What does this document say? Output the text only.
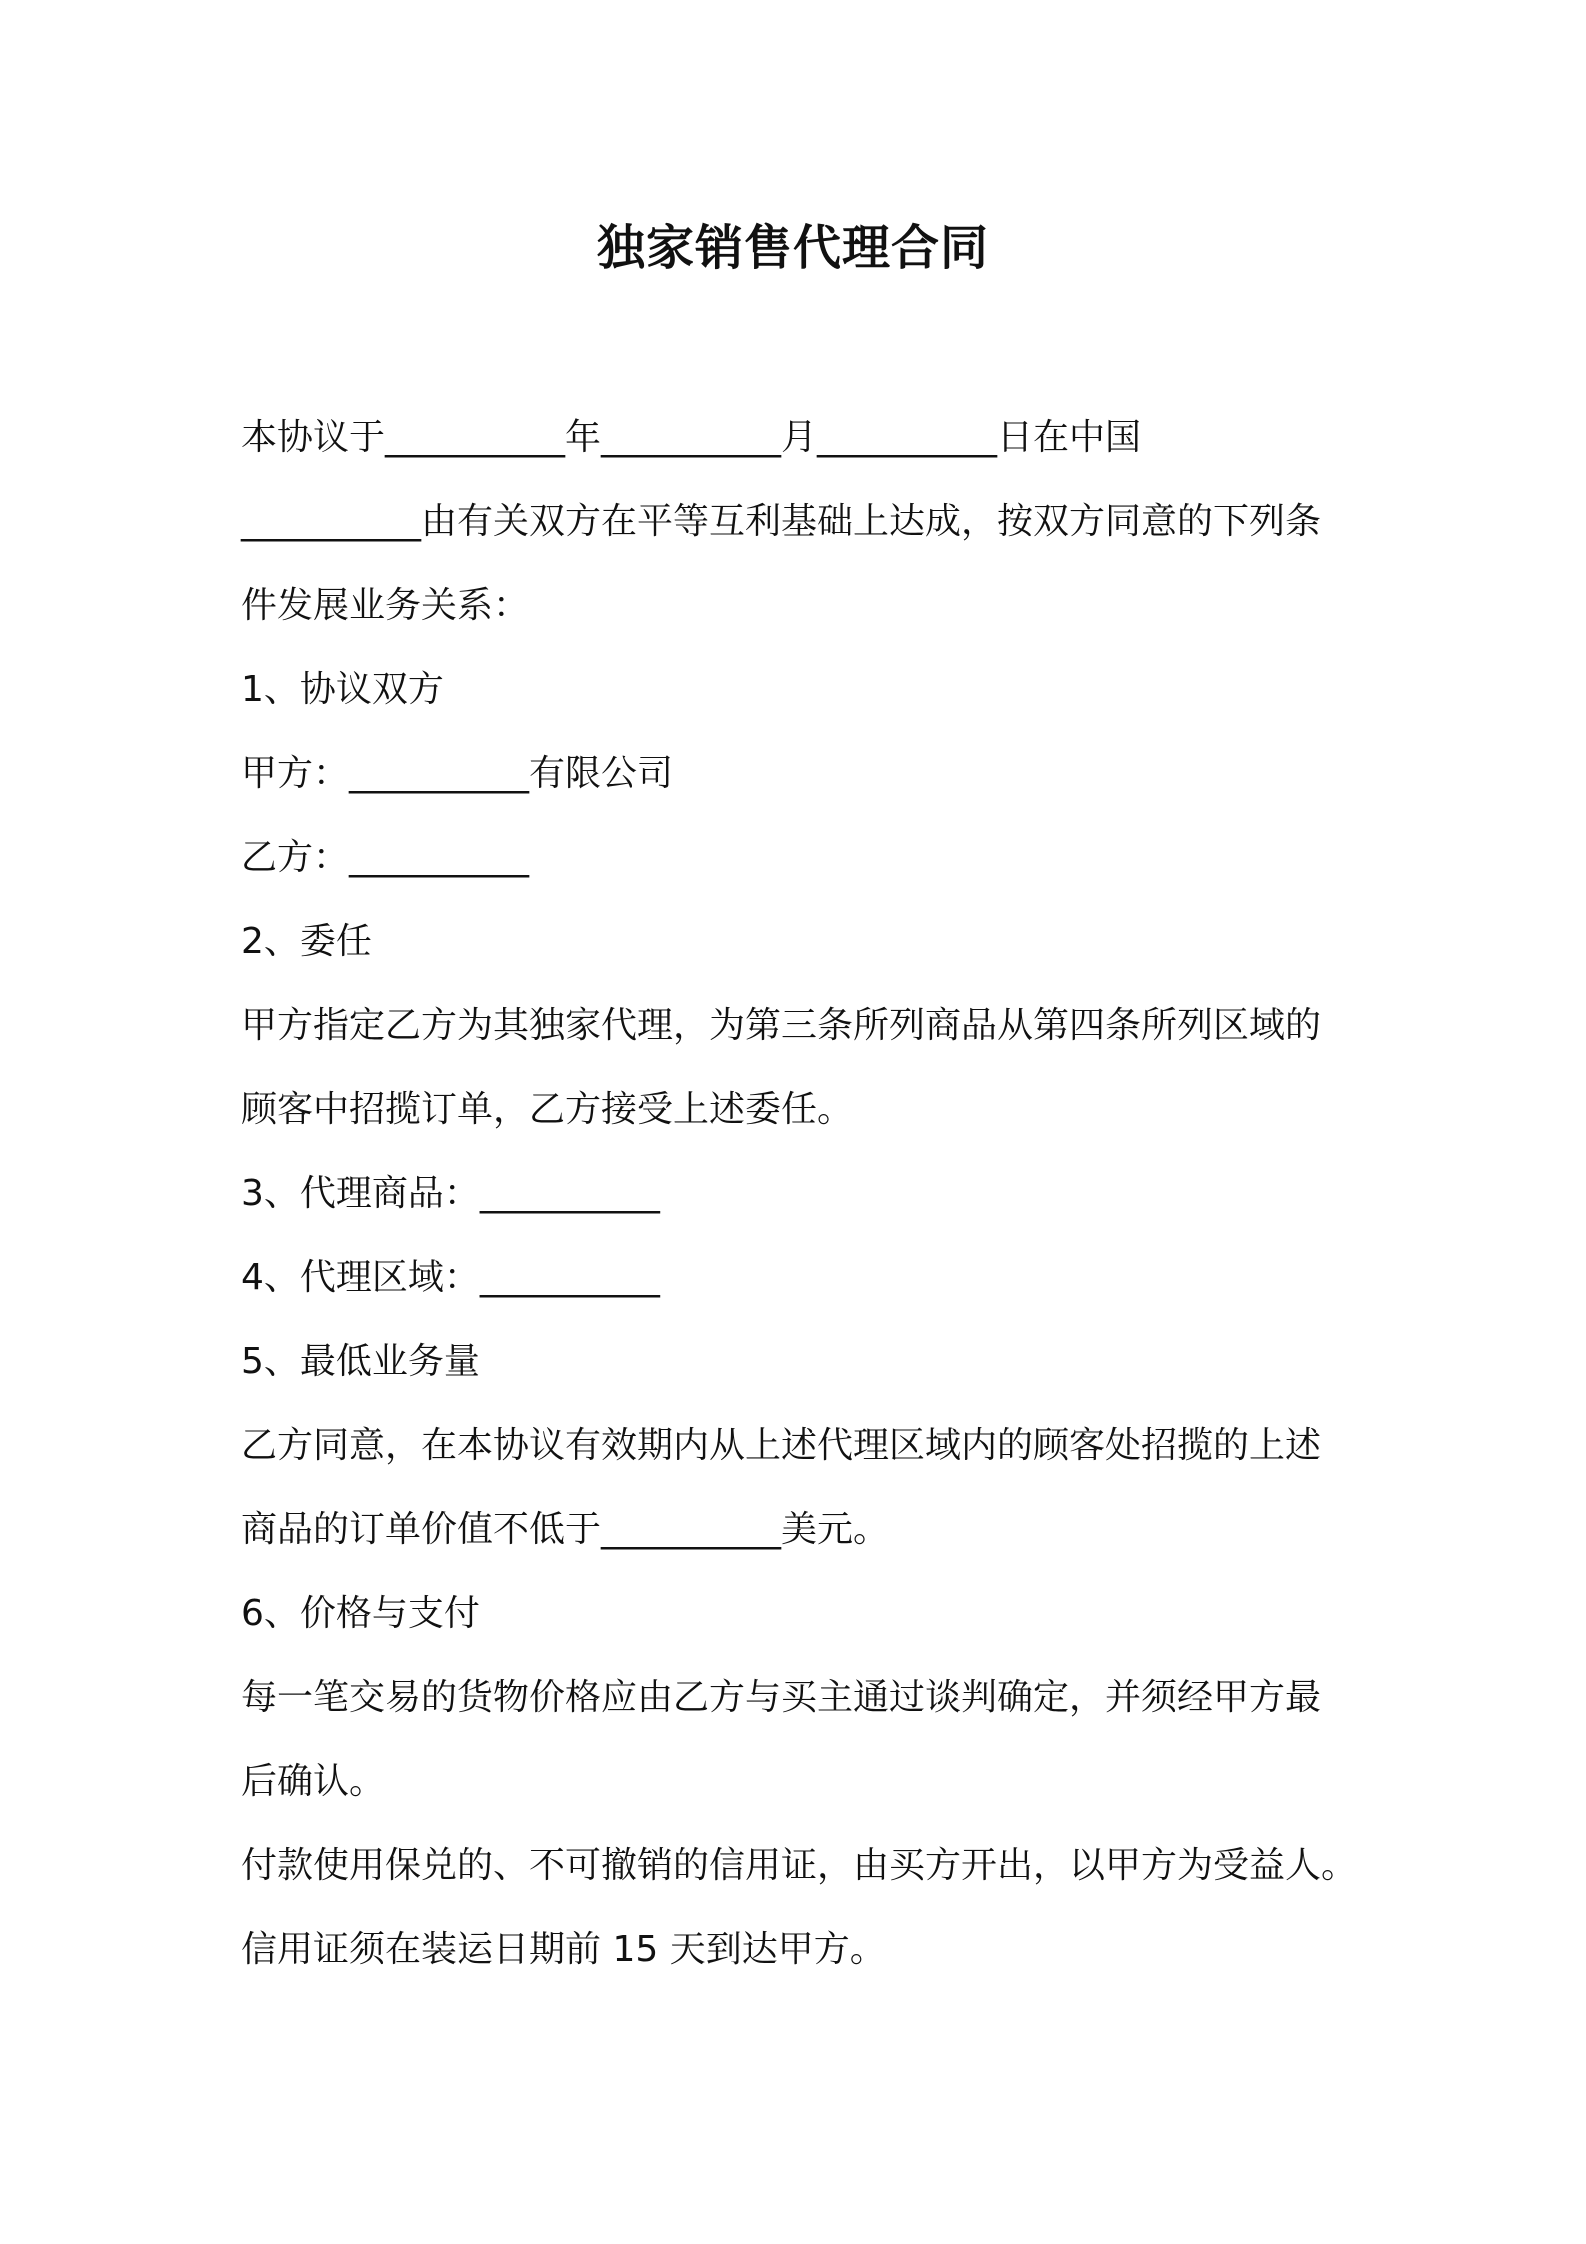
独家销售代理合同
本协议于__________年__________月__________日在中国
__________由有关双方在平等互利基础上达成，按双方同意的下列条
件发展业务关系：
1、协议双方
甲方：__________有限公司
乙方：__________
2、委任
甲方指定乙方为其独家代理，为第三条所列商品从第四条所列区域的
顾客中招揽订单，乙方接受上述委任。
3、代理商品：__________
4、代理区域：__________
5、最低业务量
乙方同意，在本协议有效期内从上述代理区域内的顾客处招揽的上述
商品的订单价值不低于__________美元。
6、价格与支付
每一笔交易的货物价格应由乙方与买主通过谈判确定，并须经甲方最
后确认。
付款使用保兑的、不可撤销的信用证，由买方开出，以甲方为受益人。
信用证须在装运日期前 15 天到达甲方。
